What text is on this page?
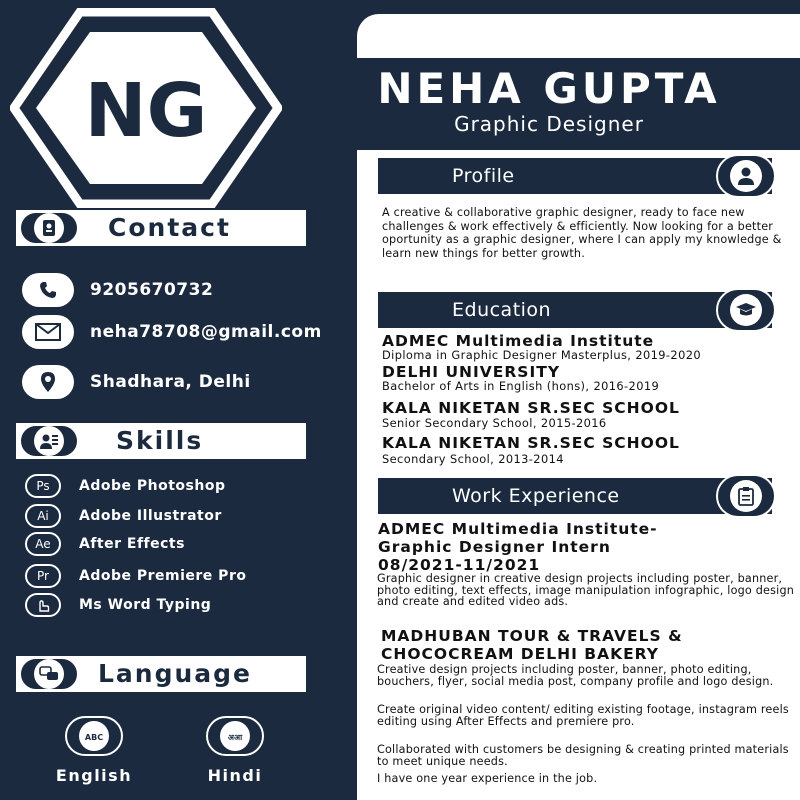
NG	NEHA GUPTA
Graphic Designer
Contact
9205670732
neha78708@gmail.com
Shadhara, Delhi
Skills
Ps	Adobe Photoshop
Ai	Adobe Illustrator
Ae	After Effects
Pr	Adobe Premiere Pro
Ms Word Typing
Language
ABC
English
अआ
Hindi
Profile
A creative & collaborative graphic designer, ready to face new challenges & work effectively & efficiently. Now looking for a better oportunity as a graphic designer, where I can apply my knowledge & learn new things for better growth.
Education
ADMEC Multimedia Institute
Diploma in Graphic Designer Masterplus, 2019-2020
DELHI UNIVERSITY
Bachelor of Arts in English (hons), 2016-2019
KALA NIKETAN SR.SEC SCHOOL
Senior Secondary School, 2015-2016
KALA NIKETAN SR.SEC SCHOOL
Secondary School, 2013-2014
Work Experience
ADMEC Multimedia Institute-
Graphic Designer Intern
08/2021-11/2021
Graphic designer in creative design projects including poster, banner, photo editing, text effects, image manipulation infographic, logo design and create and edited video ads.
MADHUBAN TOUR & TRAVELS &
CHOCOCREAM DELHI BAKERY
Creative design projects including poster, banner, photo editing, bouchers, flyer, social media post, company profile and logo design.
Create original video content/ editing existing footage, instagram reels editing using After Effects and premiere pro.
Collaborated with customers be designing & creating printed materials to meet unique needs.
I have one year experience in the job.
